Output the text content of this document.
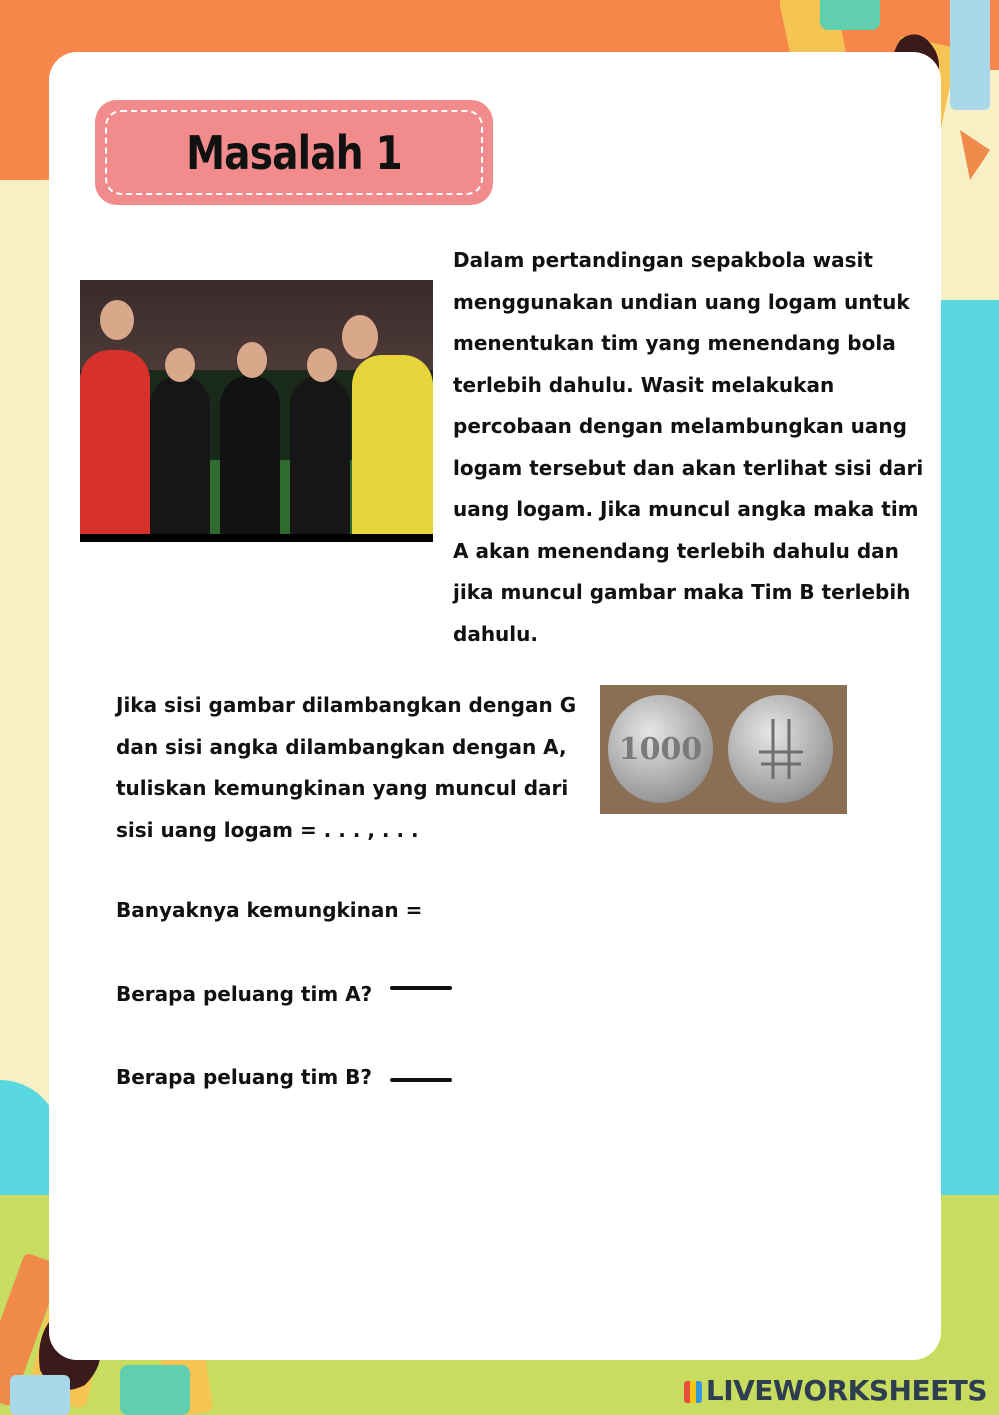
Masalah 1
Dalam pertandingan sepakbola wasit menggunakan undian uang logam untuk menentukan tim yang menendang bola terlebih dahulu. Wasit melakukan percobaan dengan melambungkan uang logam tersebut dan akan terlihat sisi dari uang logam. Jika muncul angka maka tim A akan menendang terlebih dahulu dan jika muncul gambar maka Tim B terlebih dahulu.
Jika sisi gambar dilambangkan dengan G dan sisi angka dilambangkan dengan A, tuliskan kemungkinan yang muncul dari sisi uang logam = . . . , . . .
1000
Banyaknya kemungkinan =
Berapa peluang tim A?
Berapa peluang tim B?
LIVEWORKSHEETS
